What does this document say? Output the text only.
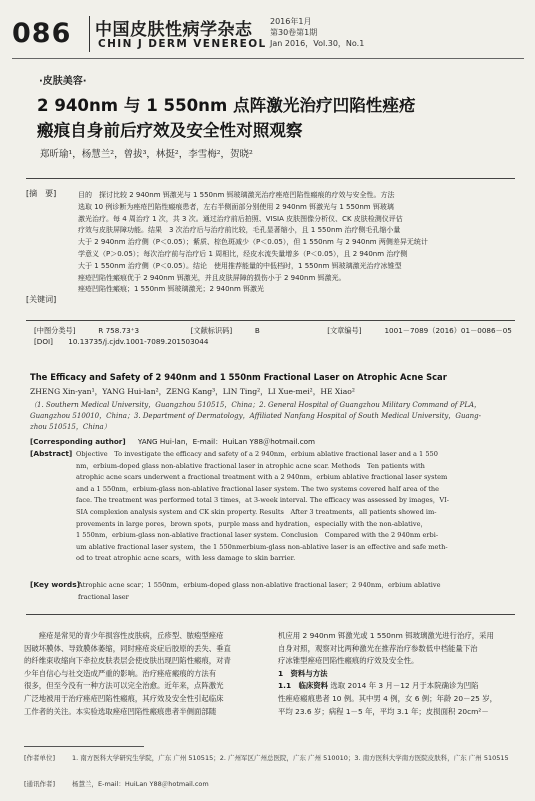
086 中国皮肤性病学杂志
CHIN J DERM VENEREOL
2016年1月
第30卷第1期
Jan 2016，Vol.30，No.1
·皮肤美容·
2 940nm 与 1 550nm 点阵激光治疗凹陷性痤疮
瘢痕自身前后疗效及安全性对照观察
郑昕瑜¹，杨慧兰²，曾拔³，林挺²，李雪梅²，贺晓²
[摘　要]	目的　探讨比较 2 940nm 铒激光与 1 550nm 铒玻璃激光治疗痤疮凹陷性瘢痕的疗效与安全性。方法
选取 10 例诊断为痤疮凹陷性瘢痕患者，左右半侧面部分别使用 2 940nm 铒激光与 1 550nm 铒玻璃
激光治疗。每 4 周治疗 1 次，共 3 次。通过治疗前后拍照、VISIA 皮肤图像分析仪、CK 皮肤检测仪评估
疗效与皮肤屏障功能。结果　3 次治疗后与治疗前比较，毛孔显著缩小，且 1 550nm 治疗侧毛孔缩小量
大于 2 940nm 治疗侧（P＜0.05）；紫质、棕色斑减少（P＜0.05），但 1 550nm 与 2 940nm 两侧差异无统计
学意义（P＞0.05）；每次治疗前与治疗后 1 周相比，经皮水流失量增多（P＜0.05），且 2 940nm 治疗侧
大于 1 550nm 治疗侧（P＜0.05）。结论　使用推荐能量的中低档时，1 550nm 铒玻璃激光治疗冰锥型
痤疮凹陷性瘢痕优于 2 940nm 铒激光，并且皮肤屏障的损伤小于 2 940nm 铒激光。
痤疮凹陷性瘢痕；1 550nm 铒玻璃激光；2 940nm 铒激光
[关键词]
[中图分类号]	R 758.73⁺3	[文献标识码]	B	[文章编号]	1001－7089（2016）01－0086－05
[DOI] 10.13735/j.cjdv.1001-7089.201503044
The Efficacy and Safety of 2 940nm and 1 550nm Fractional Laser on Atrophic Acne Scar
ZHENG Xin-yan¹，YANG Hui-lan²，ZENG Kang³，LIN Ting²，LI Xue-mei²，HE Xiao²
（1. Southern Medical University，Guangzhou 510515，China；2. General Hospital of Guangzhou Military Command of PLA，
Guangzhou 510010，China；3. Department of Dermatology，Affiliated Nanfang Hospital of South Medical University，Guang-
zhou 510515，China）
[Corresponding author] YANG Hui-lan，E-mail：HuiLan Y88＠hotmail.com
[Abstract] Objective　To investigate the efficacy and safety of a 2 940nm，erbium ablative fractional laser and a 1 550
nm，erbium-doped glass non-ablative fractional laser in atrophic acne scar. Methods　Ten patients with
atrophic acne scars underwent a fractional treatment with a 2 940nm，erbium ablative fractional laser system
and a 1 550nm，erbium-glass non-ablative fractional laser system. The two systems covered half area of the
face. The treatment was performed total 3 times，at 3-week interval. The efficacy was assessed by images，VI-
SIA complexion analysis system and CK skin property. Results　After 3 treatments，all patients showed im-
provements in large pores，brown spots，purple mass and hydration，especially with the non-ablative，
1 550nm，erbium-glass non-ablative fractional laser system. Conclusion　Compared with the 2 940nm erbi-
um ablative fractional laser system，the 1 550nmerbium-glass non-ablative laser is an effective and safe meth-
od to treat atrophic acne scars，with less damage to skin barrier.
[Key words]
Atrophic acne scar；1 550nm，erbium-doped glass non-ablative fractional laser；2 940nm，erbium ablative
fractional laser
　　痤疮是常见的青少年损容性皮肤病，丘疹型、脓疱型痤疮
因破坏膜体、导致膜体萎缩，同时痤疮炎症后胶原的丢失、垂直
的纤维束收缩向下牵拉皮肤表层会使皮肤出现凹陷性瘢痕，对青
少年自信心与社交造成严重的影响。治疗痤疮瘢痕的方法有
很多，但至今没有一种方法可以完全治愈。近年来，点阵激光
广泛地被用于治疗痤疮凹陷性瘢痕，其疗效及安全性引起临床
工作者的关注。本实验选取痤疮凹陷性瘢痕患者半侧面部随
机应用 2 940nm 铒激光或 1 550nm 铒玻璃激光进行治疗，采用
自身对照，观察对比两种激光在推荐治疗参数低中档能量下治
疗冰锥型痤疮凹陷性瘢痕的疗效及安全性。
1　资料与方法
1.1　临床资料 选取 2014 年 3 月－12 月于本院确诊为凹陷
性痤疮瘢痕患者 10 例。其中男 4 例，女 6 例；年龄 20－25 岁，
平均 23.6 岁；病程 1－5 年，平均 3.1 年；皮损面积 20cm²－
[作者单位]	1. 南方医科大学研究生学院，广东 广州 510515；2. 广州军区广州总医院，广东 广州 510010；3. 南方医科大学南方医院皮肤科，广东 广州 510515
[通讯作者]	杨慧兰，E-mail：HuiLan Y88＠hotmail.com
